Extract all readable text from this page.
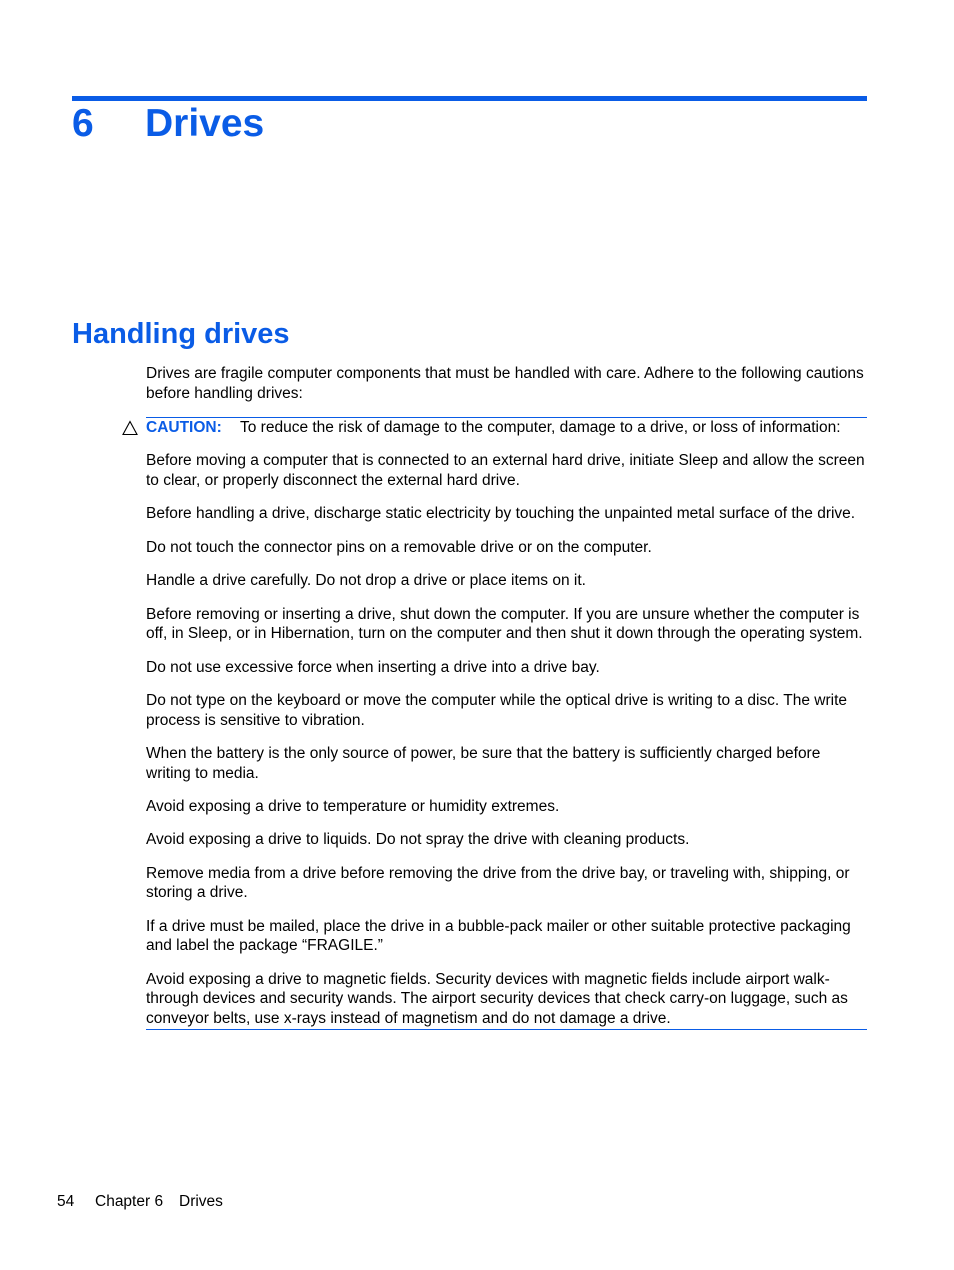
6	Drives
Handling drives

Drives are fragile computer components that must be handled with care. Adhere to the following cautions before handling drives:

CAUTION: To reduce the risk of damage to the computer, damage to a drive, or loss of information:

Before moving a computer that is connected to an external hard drive, initiate Sleep and allow the screen to clear, or properly disconnect the external hard drive.

Before handling a drive, discharge static electricity by touching the unpainted metal surface of the drive.

Do not touch the connector pins on a removable drive or on the computer.

Handle a drive carefully. Do not drop a drive or place items on it.

Before removing or inserting a drive, shut down the computer. If you are unsure whether the computer is off, in Sleep, or in Hibernation, turn on the computer and then shut it down through the operating system.

Do not use excessive force when inserting a drive into a drive bay.

Do not type on the keyboard or move the computer while the optical drive is writing to a disc. The write process is sensitive to vibration.

When the battery is the only source of power, be sure that the battery is sufficiently charged before writing to media.

Avoid exposing a drive to temperature or humidity extremes.

Avoid exposing a drive to liquids. Do not spray the drive with cleaning products.

Remove media from a drive before removing the drive from the drive bay, or traveling with, shipping, or storing a drive.

If a drive must be mailed, place the drive in a bubble-pack mailer or other suitable protective packaging and label the package “FRAGILE.”

Avoid exposing a drive to magnetic fields. Security devices with magnetic fields include airport walk-through devices and security wands. The airport security devices that check carry-on luggage, such as conveyor belts, use x-rays instead of magnetism and do not damage a drive.

54 Chapter 6 Drives
